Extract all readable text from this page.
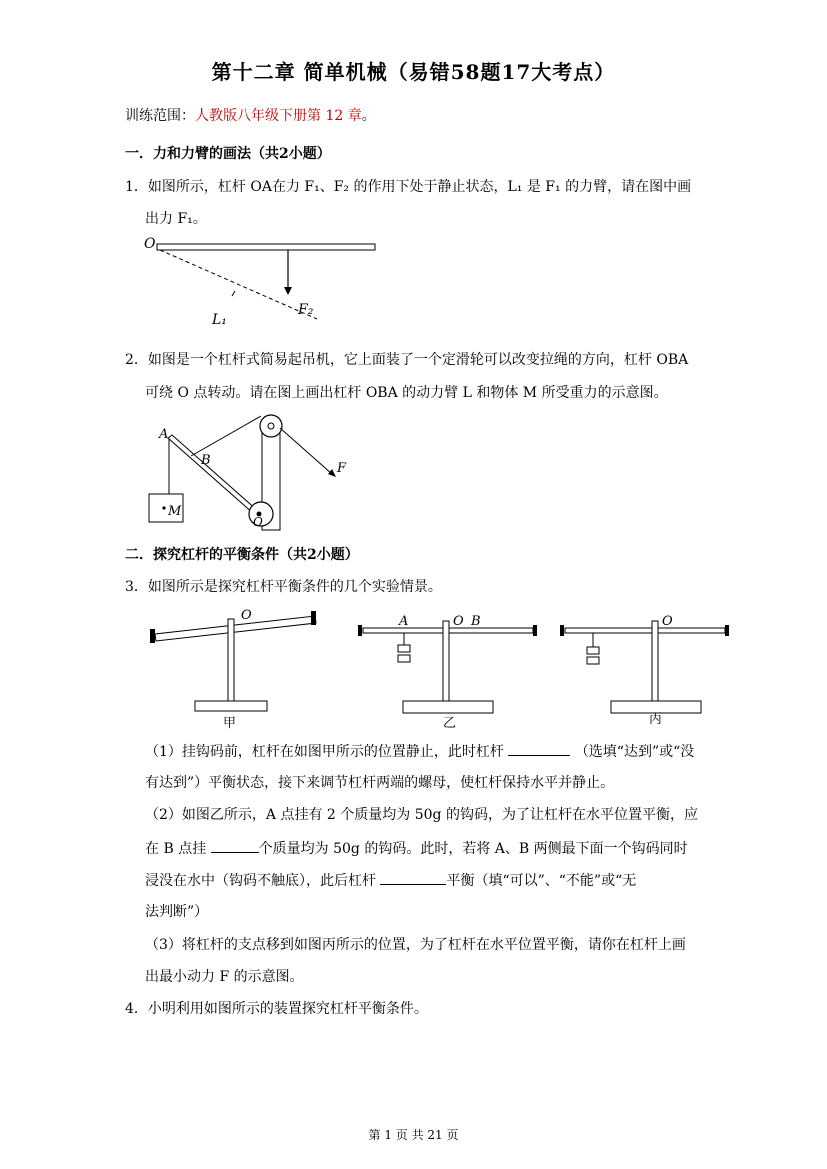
第十二章 简单机械（易错58题17大考点）
训练范围：人教版八年级下册第 12 章。
一．力和力臂的画法（共2小题）
1．如图所示，杠杆 OA在力 F₁、F₂ 的作用下处于静止状态，L₁ 是 F₁ 的力臂，请在图中画
出力 F₁。
O
L₁
F₂
2．如图是一个杠杆式简易起吊机，它上面装了一个定滑轮可以改变拉绳的方向，杠杆 OBA
可绕 O 点转动。请在图上画出杠杆 OBA 的动力臂 L 和物体 M 所受重力的示意图。
A
B
M
O
F
二．探究杠杆的平衡条件（共2小题）
3．如图所示是探究杠杆平衡条件的几个实验情景。
O
甲
A	O B
乙
O
丙
（1）挂钩码前，杠杆在如图甲所示的位置静止，此时杠杆	（选填“达到”或“没
有达到”）平衡状态，接下来调节杠杆两端的螺母，使杠杆保持水平并静止。
（2）如图乙所示，A 点挂有 2 个质量均为 50g 的钩码，为了让杠杆在水平位置平衡，应
在 B 点挂	个质量均为 50g 的钩码。此时，若将 A、B 两侧最下面一个钩码同时
浸没在水中（钩码不触底），此后杠杆	平衡（填“可以”、“不能”或“无
法判断”）
（3）将杠杆的支点移到如图丙所示的位置，为了杠杆在水平位置平衡，请你在杠杆上画
出最小动力 F 的示意图。
4．小明利用如图所示的装置探究杠杆平衡条件。
第 1 页 共 21 页
